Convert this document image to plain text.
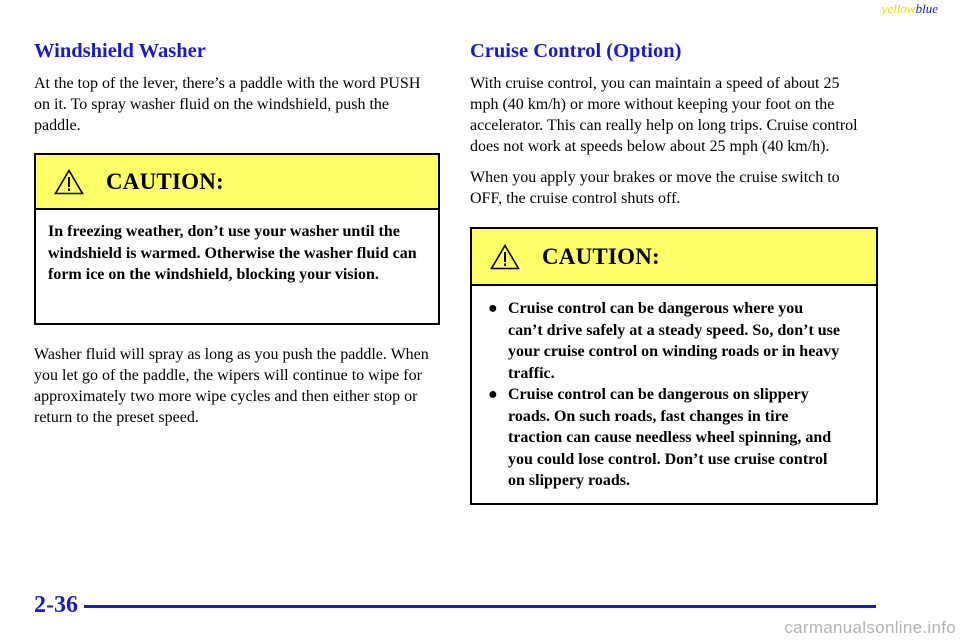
yellowblue
Windshield Washer

At the top of the lever, there’s a paddle with the word PUSH on it. To spray washer fluid on the windshield, push the paddle.

CAUTION:
In freezing weather, don’t use your washer until the windshield is warmed. Otherwise the washer fluid can form ice on the windshield, blocking your vision.

Washer fluid will spray as long as you push the paddle. When you let go of the paddle, the wipers will continue to wipe for approximately two more wipe cycles and then either stop or return to the preset speed.

Cruise Control (Option)

With cruise control, you can maintain a speed of about 25 mph (40 km/h) or more without keeping your foot on the accelerator. This can really help on long trips. Cruise control does not work at speeds below about 25 mph (40 km/h).

When you apply your brakes or move the cruise switch to OFF, the cruise control shuts off.

CAUTION:
● Cruise control can be dangerous where you can’t drive safely at a steady speed. So, don’t use your cruise control on winding roads or in heavy traffic.
● Cruise control can be dangerous on slippery roads. On such roads, fast changes in tire traction can cause needless wheel spinning, and you could lose control. Don’t use cruise control on slippery roads.
2-36
carmanualsonline.info
